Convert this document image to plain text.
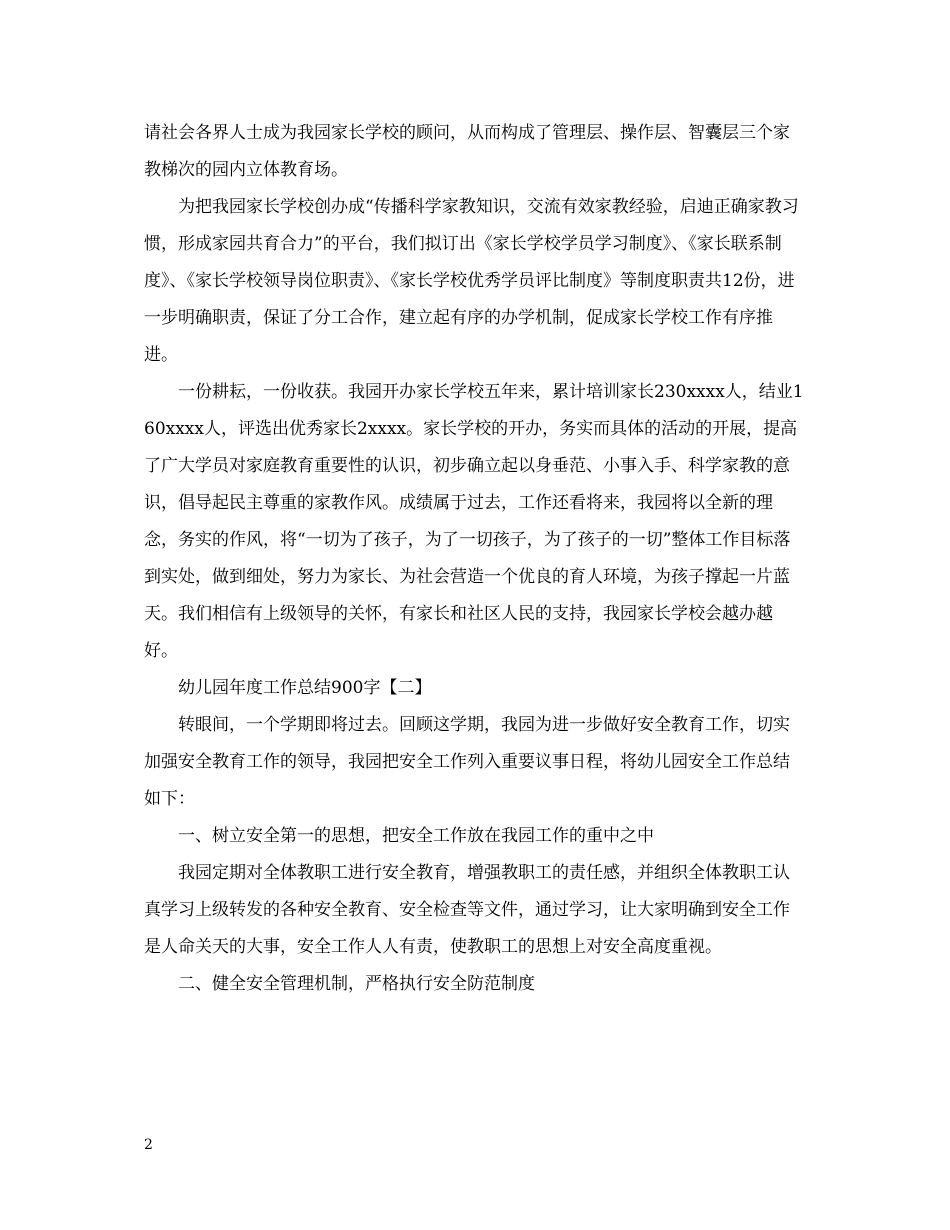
请社会各界人士成为我园家长学校的顾问，从而构成了管理层、操作层、智囊层三个家教梯次的园内立体教育场。

为把我园家长学校创办成“传播科学家教知识，交流有效家教经验，启迪正确家教习惯，形成家园共育合力”的平台，我们拟订出《家长学校学员学习制度》、《家长联系制度》、《家长学校领导岗位职责》、《家长学校优秀学员评比制度》等制度职责共12份，进一步明确职责，保证了分工合作，建立起有序的办学机制，促成家长学校工作有序推进。

一份耕耘，一份收获。我园开办家长学校五年来，累计培训家长230xxxx人，结业160xxxx人，评选出优秀家长2xxxx。家长学校的开办，务实而具体的活动的开展，提高了广大学员对家庭教育重要性的认识，初步确立起以身垂范、小事入手、科学家教的意识，倡导起民主尊重的家教作风。成绩属于过去，工作还看将来，我园将以全新的理念，务实的作风，将“一切为了孩子，为了一切孩子，为了孩子的一切”整体工作目标落到实处，做到细处，努力为家长、为社会营造一个优良的育人环境，为孩子撑起一片蓝天。我们相信有上级领导的关怀，有家长和社区人民的支持，我园家长学校会越办越好。

幼儿园年度工作总结900字【二】

转眼间，一个学期即将过去。回顾这学期，我园为进一步做好安全教育工作，切实加强安全教育工作的领导，我园把安全工作列入重要议事日程，将幼儿园安全工作总结如下：

一、树立安全第一的思想，把安全工作放在我园工作的重中之中

我园定期对全体教职工进行安全教育，增强教职工的责任感，并组织全体教职工认真学习上级转发的各种安全教育、安全检查等文件，通过学习，让大家明确到安全工作是人命关天的大事，安全工作人人有责，使教职工的思想上对安全高度重视。

二、健全安全管理机制，严格执行安全防范制度

2
